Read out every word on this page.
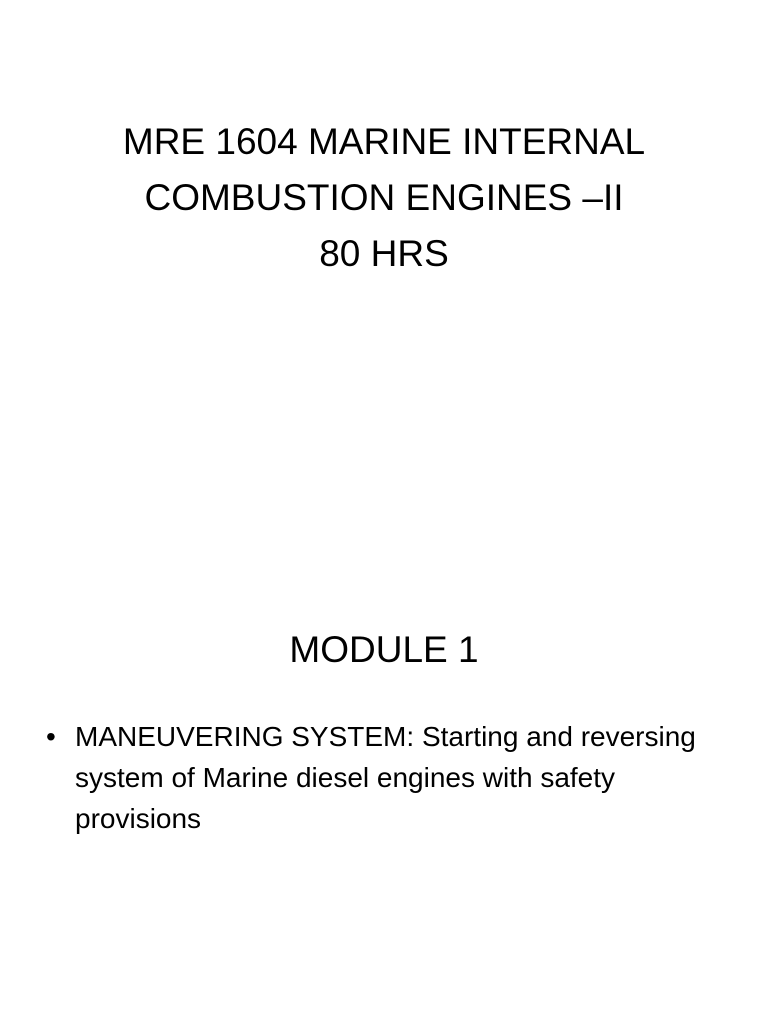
MRE 1604 MARINE INTERNAL
COMBUSTION ENGINES –II
80 HRS
MODULE 1
• MANEUVERING SYSTEM: Starting and reversing system of Marine diesel engines with safety provisions
